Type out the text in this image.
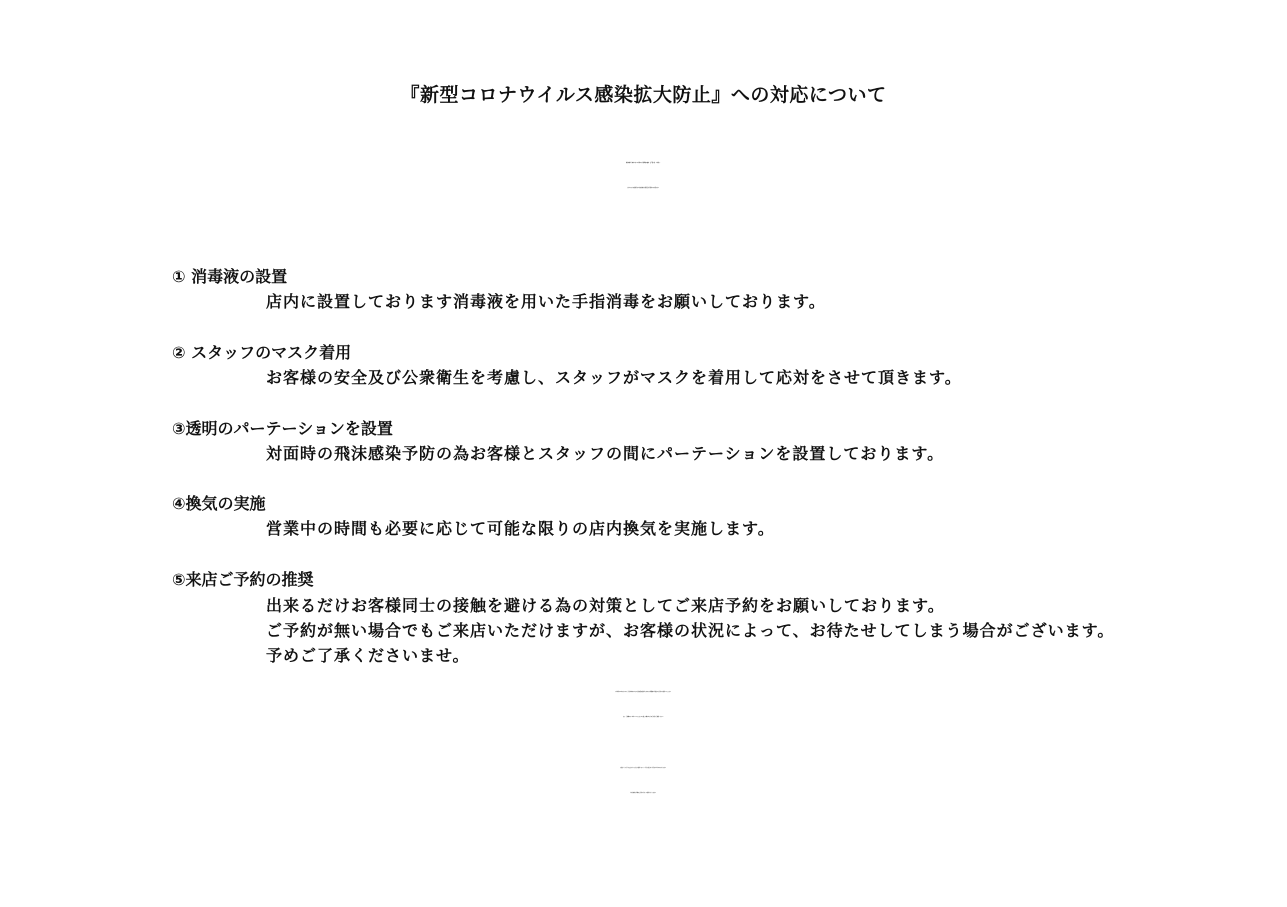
『新型コロナウイルス感染拡大防止』への対応について
緊急事態宣言解除に伴いお客様および関係者の健康・安全面を第一に考慮し、
以下のとおり感染拡大防止策を徹底し通常営業を再開させて頂きます。
① 消毒液の設置
店内に設置しております消毒液を用いた手指消毒をお願いしております。
② スタッフのマスク着用
お客様の安全及び公衆衛生を考慮し、スタッフがマスクを着用して応対をさせて頂きます。
③透明のパーテーションを設置
対面時の飛沫感染予防の為お客様とスタッフの間にパーテーションを設置しております。
④換気の実施
営業中の時間も必要に応じて可能な限りの店内換気を実施します。
⑤来店ご予約の推奨
出来るだけお客様同士の接触を避ける為の対策としてご来店予約をお願いしております。
ご予約が無い場合でもご来店いただけますが、お客様の状況によって、お待たせしてしまう場合がございます。
予めご了承くださいませ。
お客様におかれましては、ご来店の際はマスクを着用頂き感染症の予防および拡散防止対策へのご協力をお願いいたします。
また、ご体調のすぐれないいつもと少しでも違う不調がある方はご来店をご遠慮ください。
感染が一日も早く収束することを心より願いスタッフ一同、感染予防・拡大防止に努めてまいります。
何卒皆様のご理解とご協力を宜しくお願い申し上げます。
